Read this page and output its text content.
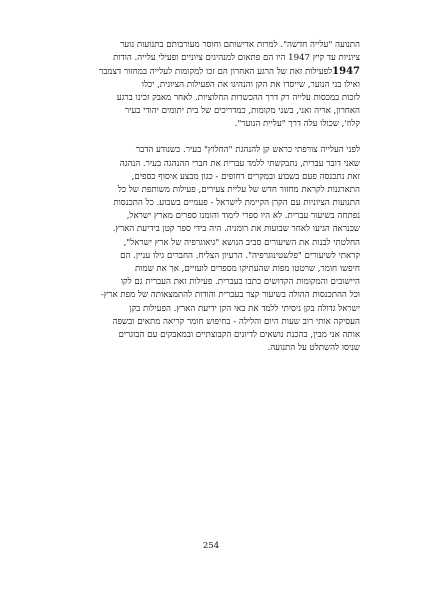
התנועה "עלייה חדשה". למרות אדישותם וחוסר מעורבותם בתנועות נוער
ציוניות עד קיץ 1947 היו הם פתאום למנהיגים ציוניים ופעילי עלייה. הודות
1947לפעילות זאת של הרגע האחרון הם זכו למקומות לעלייה במחזור דצמבר
ואילו בני הנוער, שייסדו את הקן והנהיגו את הפעילות הציונית, יכלו
לזכות במכסות עלייה רק דרך ההכשרות החלוציות. לאחר מאבק זכינו ברגע
האחרון, אריה ואני, בשני מקומות, כמדריכים של בית יתומים יהודי בעיר
קלוז', שכולו עלה דרך "עליית הנוער".
לפני העלייה צורפתי כראש קן להנהגת "החלוץ" בעיר. כשנודע הדבר
שאני דובר עברית, נתבקשתי ללמד עברית את חברי ההנהגה בעיר. הנהגה
זאת נתכנסה פעם בשבוע ובמקרים דחופים - כגון מבצע איסוף כספים,
התארגנות לקראת מחזור חדש של עליית צעירים, פעילות משותפת של כל
התנועות הציוניות עם הקרן הקיימת לישראל - פעמיים בשבוע. כל התכנסות
נפתחה בשיעור עברית. לא היו ספרי לימוד והומנו ספרים מארץ ישראל,
שכנראה הגיעו לאחר שבועות את רומניה. היה בידי ספר קטן בידיעת הארץ.
החלטתי לבנות את השיעורים סביב הנושא "גיאוגרפיה של ארץ ישראל",
קראתי לשיעורים "פלשטינוגרפיה". הרעיון הצליח. החברים גילו עניין. הם
חיפשו חומר, שרטטו מפות שהעתיקו מספרים לועזיים, אך את שמות
היישובים והמקומות הקדושים כתבו בעברית. פעילות זאת העברית גם לקו
וכל ההתכנסות ההולה בשיעור קצר בעברית והודות להתמצאותה של מפת ארץ-
ישראל גדולה בקן ניסיתי ללמד את באי הקן ידיעת הארץ. הפעילות בקן
העסיקה אותי רוב שעות היום והלילה - בחיפוש חומר קריאה מתאים ובשפה
אותה אני מבין, בהכנת נושאים לדיונים הקבוצתיים ובמאבקים עם הבוגרים
שניסו להשתלט על התנועה.
254
